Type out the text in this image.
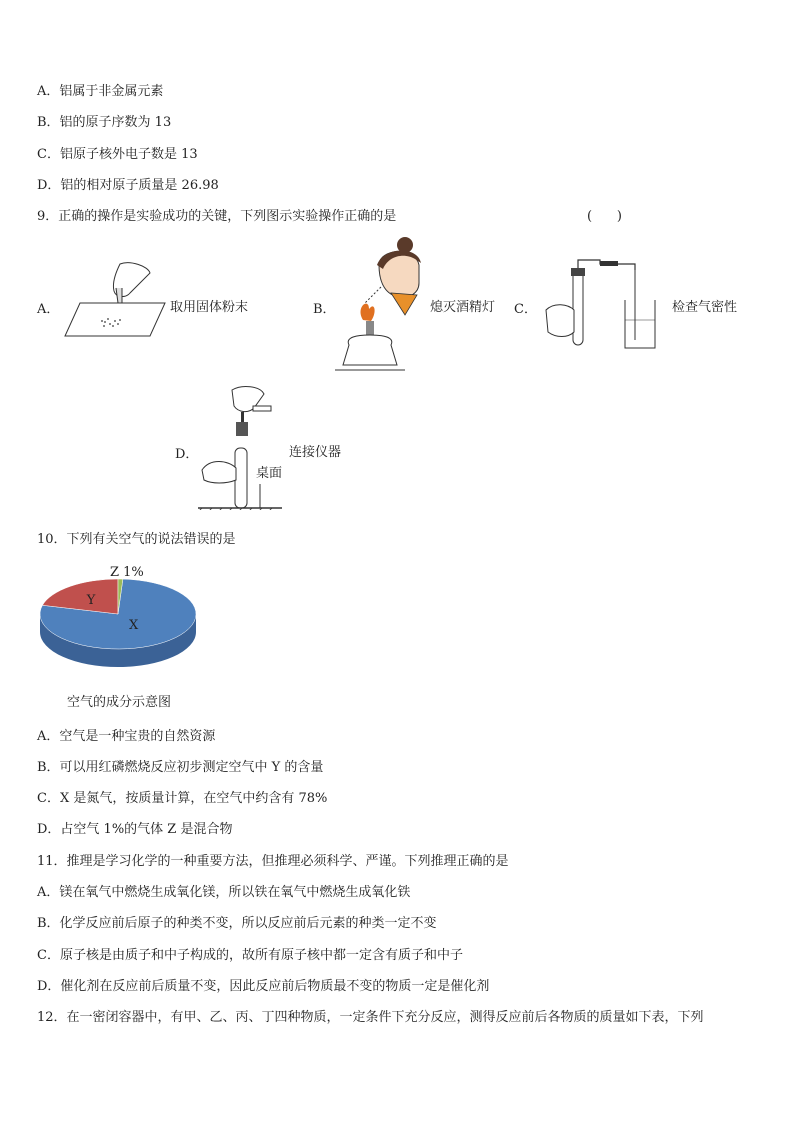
A．铝属于非金属元素
B．铝的原子序数为 13
C．铝原子核外电子数是 13
D．铝的相对原子质量是 26.98
9．正确的操作是实验成功的关键，下列图示实验操作正确的是	(      )
A．	取用固体粉末	B．	熄灭酒精灯 C．	检查气密性
D．	连接仪器
桌面
10．下列有关空气的说法错误的是
X
Y
Z 1%
空气的成分示意图
A．空气是一种宝贵的自然资源
B．可以用红磷燃烧反应初步测定空气中 Y 的含量
C．X 是氮气，按质量计算，在空气中约含有 78%
D．占空气 1%的气体 Z 是混合物
11．推理是学习化学的一种重要方法，但推理必须科学、严谨。下列推理正确的是
A．镁在氧气中燃烧生成氧化镁，所以铁在氧气中燃烧生成氧化铁
B．化学反应前后原子的种类不变，所以反应前后元素的种类一定不变
C．原子核是由质子和中子构成的，故所有原子核中都一定含有质子和中子
D．催化剂在反应前后质量不变，因此反应前后物质最不变的物质一定是催化剂
12．在一密闭容器中，有甲、乙、丙、丁四种物质，一定条件下充分反应，测得反应前后各物质的质量如下表，下列
